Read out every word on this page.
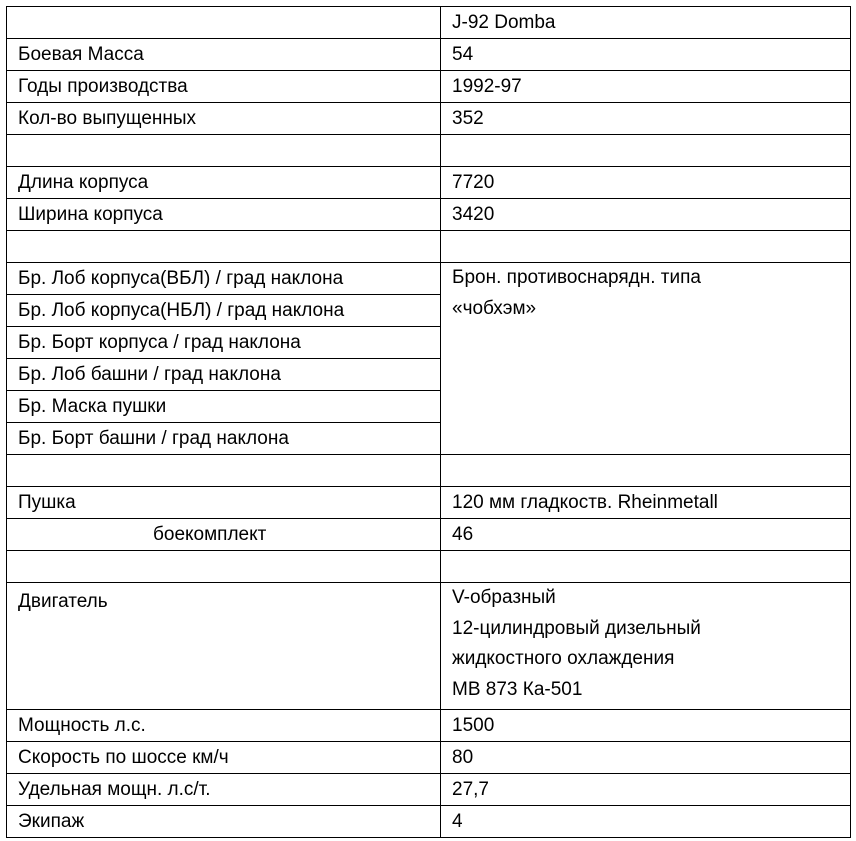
	J-92 Domba
Боевая Масса	54
Годы производства	1992-97
Кол-во выпущенных	352

Длина корпуса	7720
Ширина корпуса	3420

Бр. Лоб корпуса(ВБЛ) / град наклона	Брон. противоснарядн. типа
«чобхэм»

Бр. Лоб корпуса(НБЛ) / град наклона	
Бр. Борт корпуса / град наклона	
Бр. Лоб башни / град наклона	
Бр. Маска пушки	
Бр. Борт башни / град наклона	

Пушка	120 мм гладкоств. Rheinmetall
боекомплект	46

Двигатель	V-образный
12-цилиндровый дизельный
жидкостного охлаждения
MB 873 Ка-501

Мощность л.с.	1500
Скорость по шоссе км/ч	80
Удельная мощн. л.с/т.	27,7
Экипаж	4
